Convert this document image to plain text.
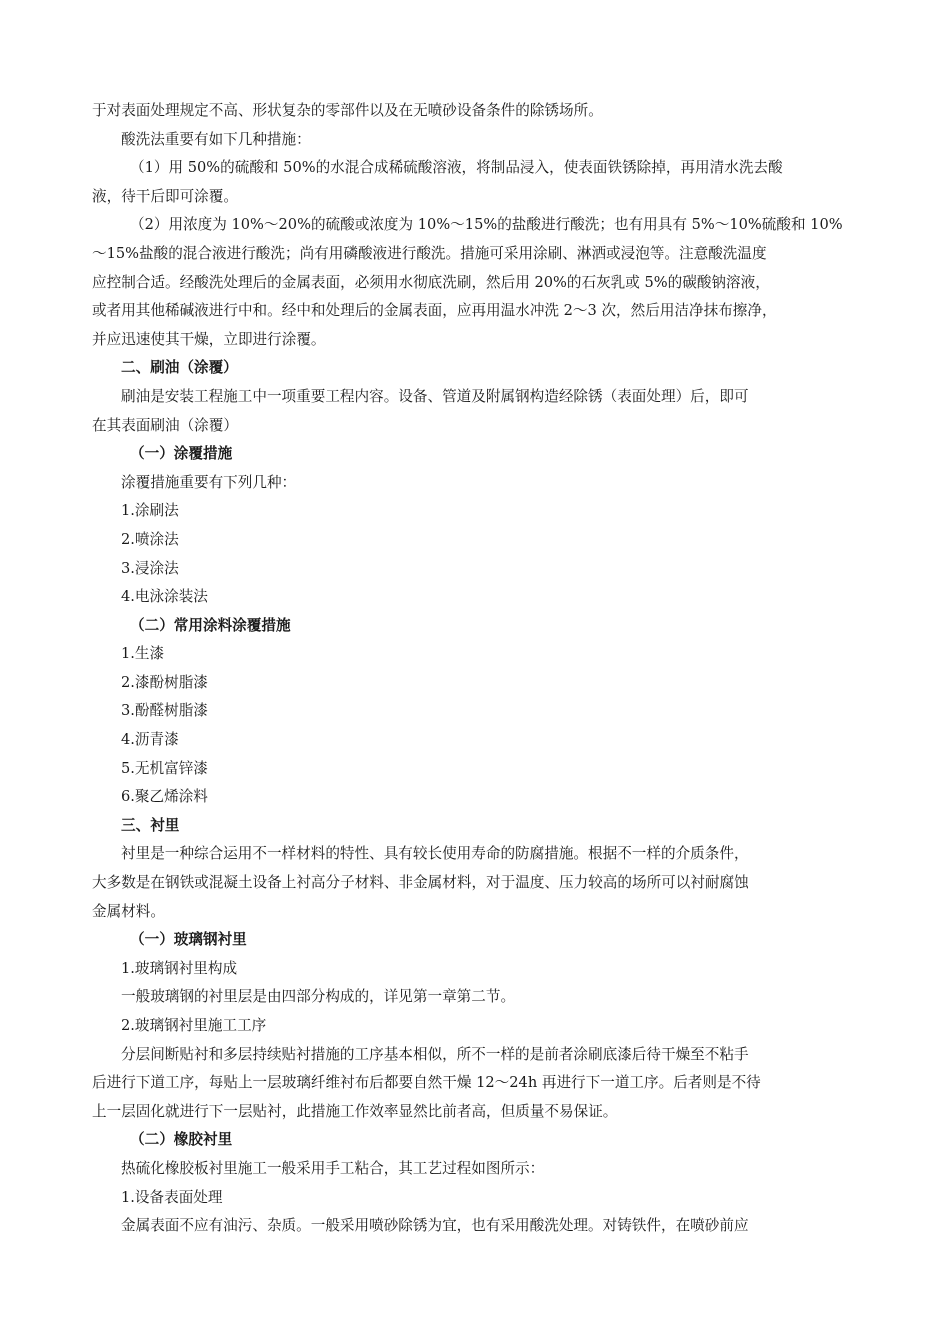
于对表面处理规定不高、形状复杂的零部件以及在无喷砂设备条件的除锈场所。
酸洗法重要有如下几种措施：
（1）用 50%的硫酸和 50%的水混合成稀硫酸溶液，将制品浸入，使表面铁锈除掉，再用清水洗去酸
液，待干后即可涂覆。
（2）用浓度为 10%～20%的硫酸或浓度为 10%～15%的盐酸进行酸洗；也有用具有 5%～10%硫酸和 10%
～15%盐酸的混合液进行酸洗；尚有用磷酸液进行酸洗。措施可采用涂刷、淋洒或浸泡等。注意酸洗温度
应控制合适。经酸洗处理后的金属表面，必须用水彻底洗刷，然后用 20%的石灰乳或 5%的碳酸钠溶液，
或者用其他稀碱液进行中和。经中和处理后的金属表面，应再用温水冲洗 2～3 次，然后用洁净抹布擦净，
并应迅速使其干燥，立即进行涂覆。
二、刷油（涂覆）
刷油是安装工程施工中一项重要工程内容。设备、管道及附属钢构造经除锈（表面处理）后，即可
在其表面刷油（涂覆）
（一）涂覆措施
涂覆措施重要有下列几种：
1.涂刷法
2.喷涂法
3.浸涂法
4.电泳涂装法
（二）常用涂料涂覆措施
1.生漆
2.漆酚树脂漆
3.酚醛树脂漆
4.沥青漆
5.无机富锌漆
6.聚乙烯涂料
三、衬里
衬里是一种综合运用不一样材料的特性、具有较长使用寿命的防腐措施。根据不一样的介质条件，
大多数是在钢铁或混凝土设备上衬高分子材料、非金属材料，对于温度、压力较高的场所可以衬耐腐蚀
金属材料。
（一）玻璃钢衬里
1.玻璃钢衬里构成
一般玻璃钢的衬里层是由四部分构成的，详见第一章第二节。
2.玻璃钢衬里施工工序
分层间断贴衬和多层持续贴衬措施的工序基本相似，所不一样的是前者涂刷底漆后待干燥至不粘手
后进行下道工序，每贴上一层玻璃纤维衬布后都要自然干燥 12～24h 再进行下一道工序。后者则是不待
上一层固化就进行下一层贴衬，此措施工作效率显然比前者高，但质量不易保证。
（二）橡胶衬里
热硫化橡胶板衬里施工一般采用手工粘合，其工艺过程如图所示：
1.设备表面处理
金属表面不应有油污、杂质。一般采用喷砂除锈为宜，也有采用酸洗处理。对铸铁件，在喷砂前应
